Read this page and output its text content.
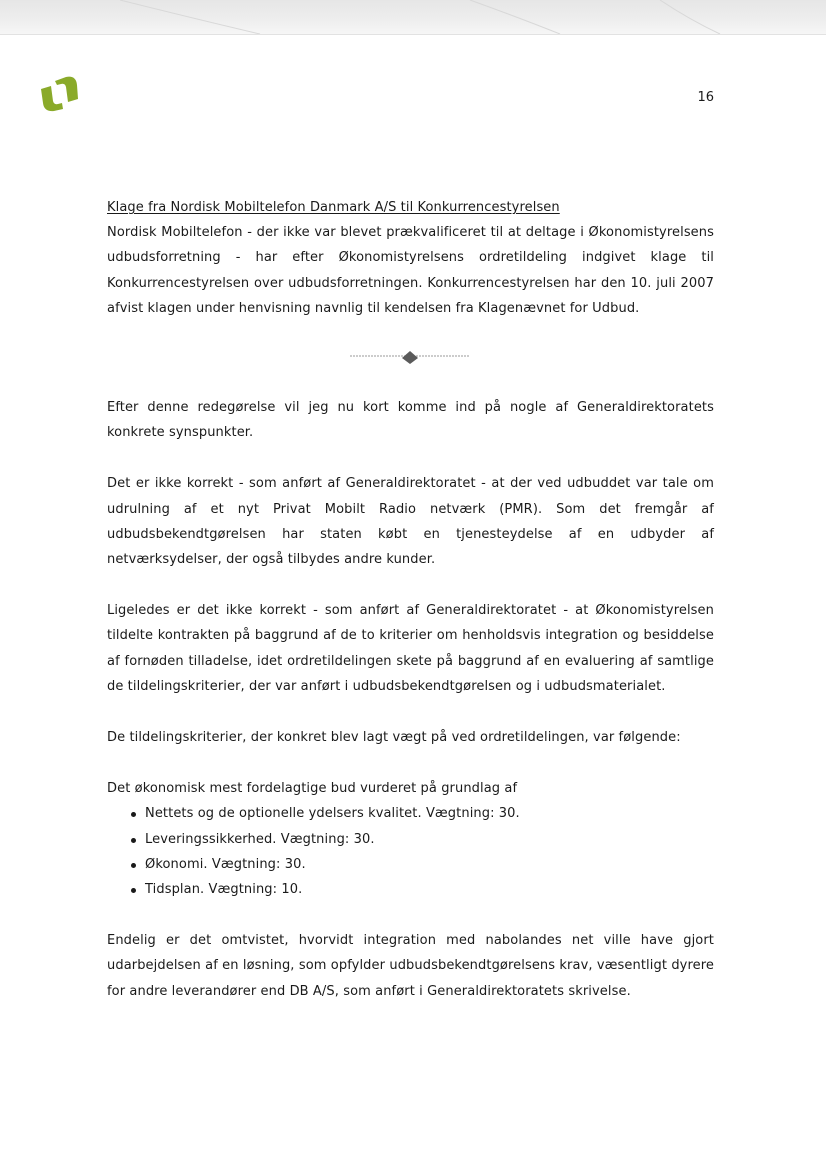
16

Klage fra Nordisk Mobiltelefon Danmark A/S til Konkurrencestyrelsen

Nordisk Mobiltelefon - der ikke var blevet prækvalificeret til at deltage i Økonomistyrelsens udbudsforretning - har efter Økonomistyrelsens ordretildeling indgivet klage til Konkurrencestyrelsen over udbudsforretningen. Konkurrencestyrelsen har den 10. juli 2007 afvist klagen under henvisning navnlig til kendelsen fra Klagenævnet for Udbud.

Efter denne redegørelse vil jeg nu kort komme ind på nogle af Generaldirektoratets konkrete synspunkter.

Det er ikke korrekt - som anført af Generaldirektoratet - at der ved udbuddet var tale om udrulning af et nyt Privat Mobilt Radio netværk (PMR). Som det fremgår af udbudsbekendtgørelsen har staten købt en tjenesteydelse af en udbyder af netværksydelser, der også tilbydes andre kunder.

Ligeledes er det ikke korrekt - som anført af Generaldirektoratet - at Økonomistyrelsen tildelte kontrakten på baggrund af de to kriterier om henholdsvis integration og besiddelse af fornøden tilladelse, idet ordretildelingen skete på baggrund af en evaluering af samtlige de tildelingskriterier, der var anført i udbudsbekendtgørelsen og i udbudsmaterialet.

De tildelingskriterier, der konkret blev lagt vægt på ved ordretildelingen, var følgende:

Det økonomisk mest fordelagtige bud vurderet på grundlag af

Nettets og de optionelle ydelsers kvalitet. Vægtning: 30.
Leveringssikkerhed. Vægtning: 30.
Økonomi. Vægtning: 30.
Tidsplan. Vægtning: 10.

Endelig er det omtvistet, hvorvidt integration med nabolandes net ville have gjort udarbejdelsen af en løsning, som opfylder udbudsbekendtgørelsens krav, væsentligt dyrere for andre leverandører end DB A/S, som anført i Generaldirektoratets skrivelse.
